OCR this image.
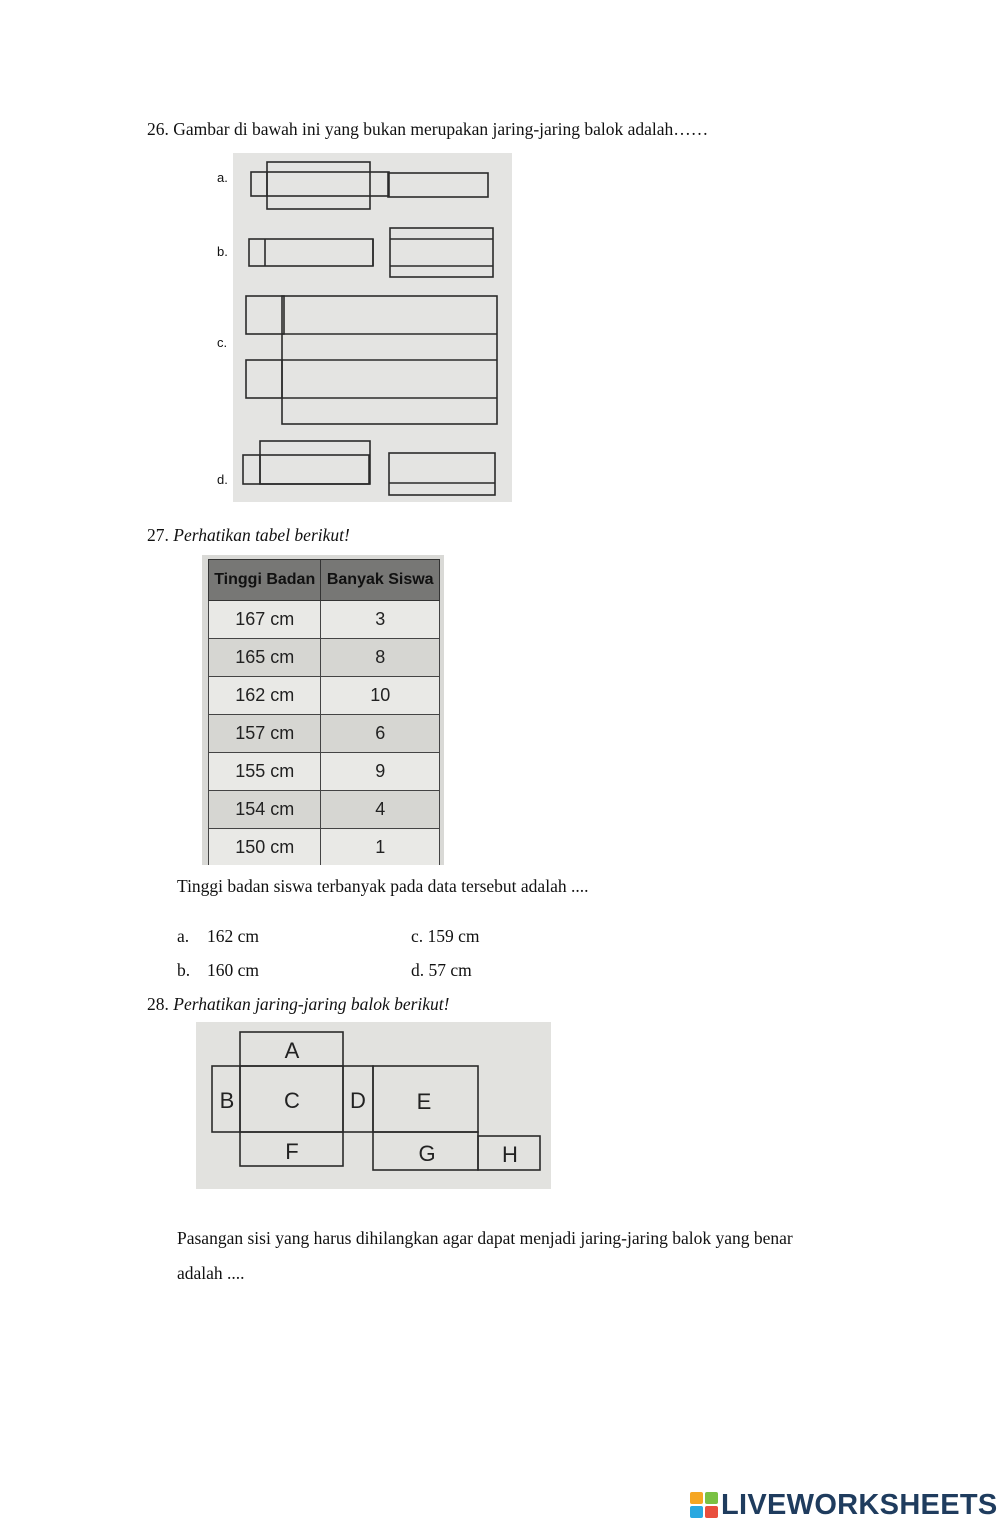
26. Gambar di bawah ini yang bukan merupakan jaring-jaring balok adalah……
a.
b.
c.
d.
27. Perhatikan tabel berikut!
Tinggi Badan	Banyak Siswa
167 cm	3
165 cm	8
162 cm	10
157 cm	6
155 cm	9
154 cm	4
150 cm	1
Tinggi badan siswa terbanyak pada data tersebut adalah ....
a. 162 cm	c. 159 cm
b. 160 cm	d. 57 cm
28. Perhatikan jaring-jaring balok berikut!
A
B C D E
F	G	H
Pasangan sisi yang harus dihilangkan agar dapat menjadi jaring-jaring balok yang benar
adalah ....
LIVEWORKSHEETS
